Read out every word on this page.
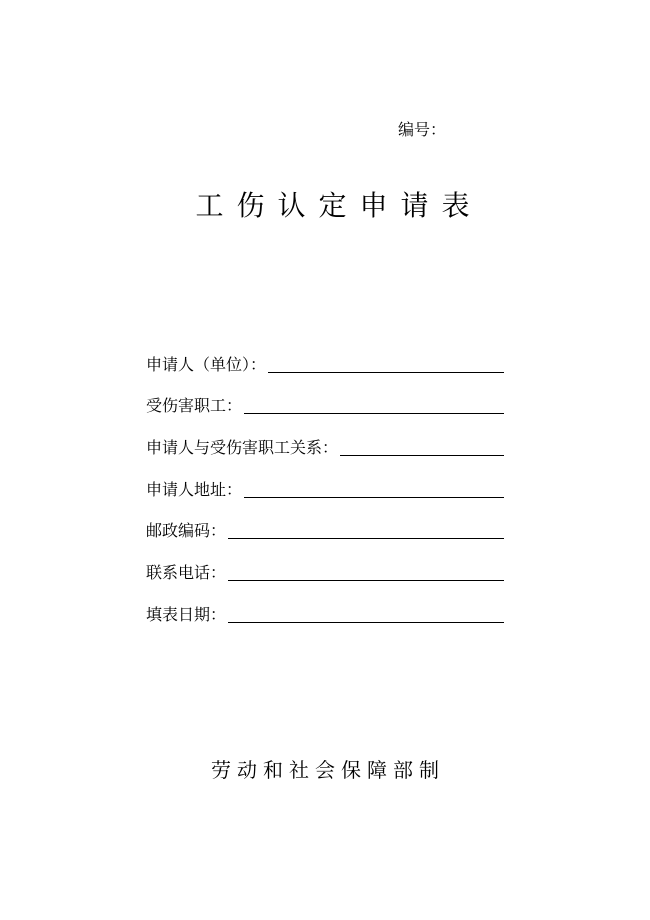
编号：
工伤认定申请表
申请人（单位）：
受伤害职工：
申请人与受伤害职工关系：
申请人地址：
邮政编码：
联系电话：
填表日期：
劳动和社会保障部制
